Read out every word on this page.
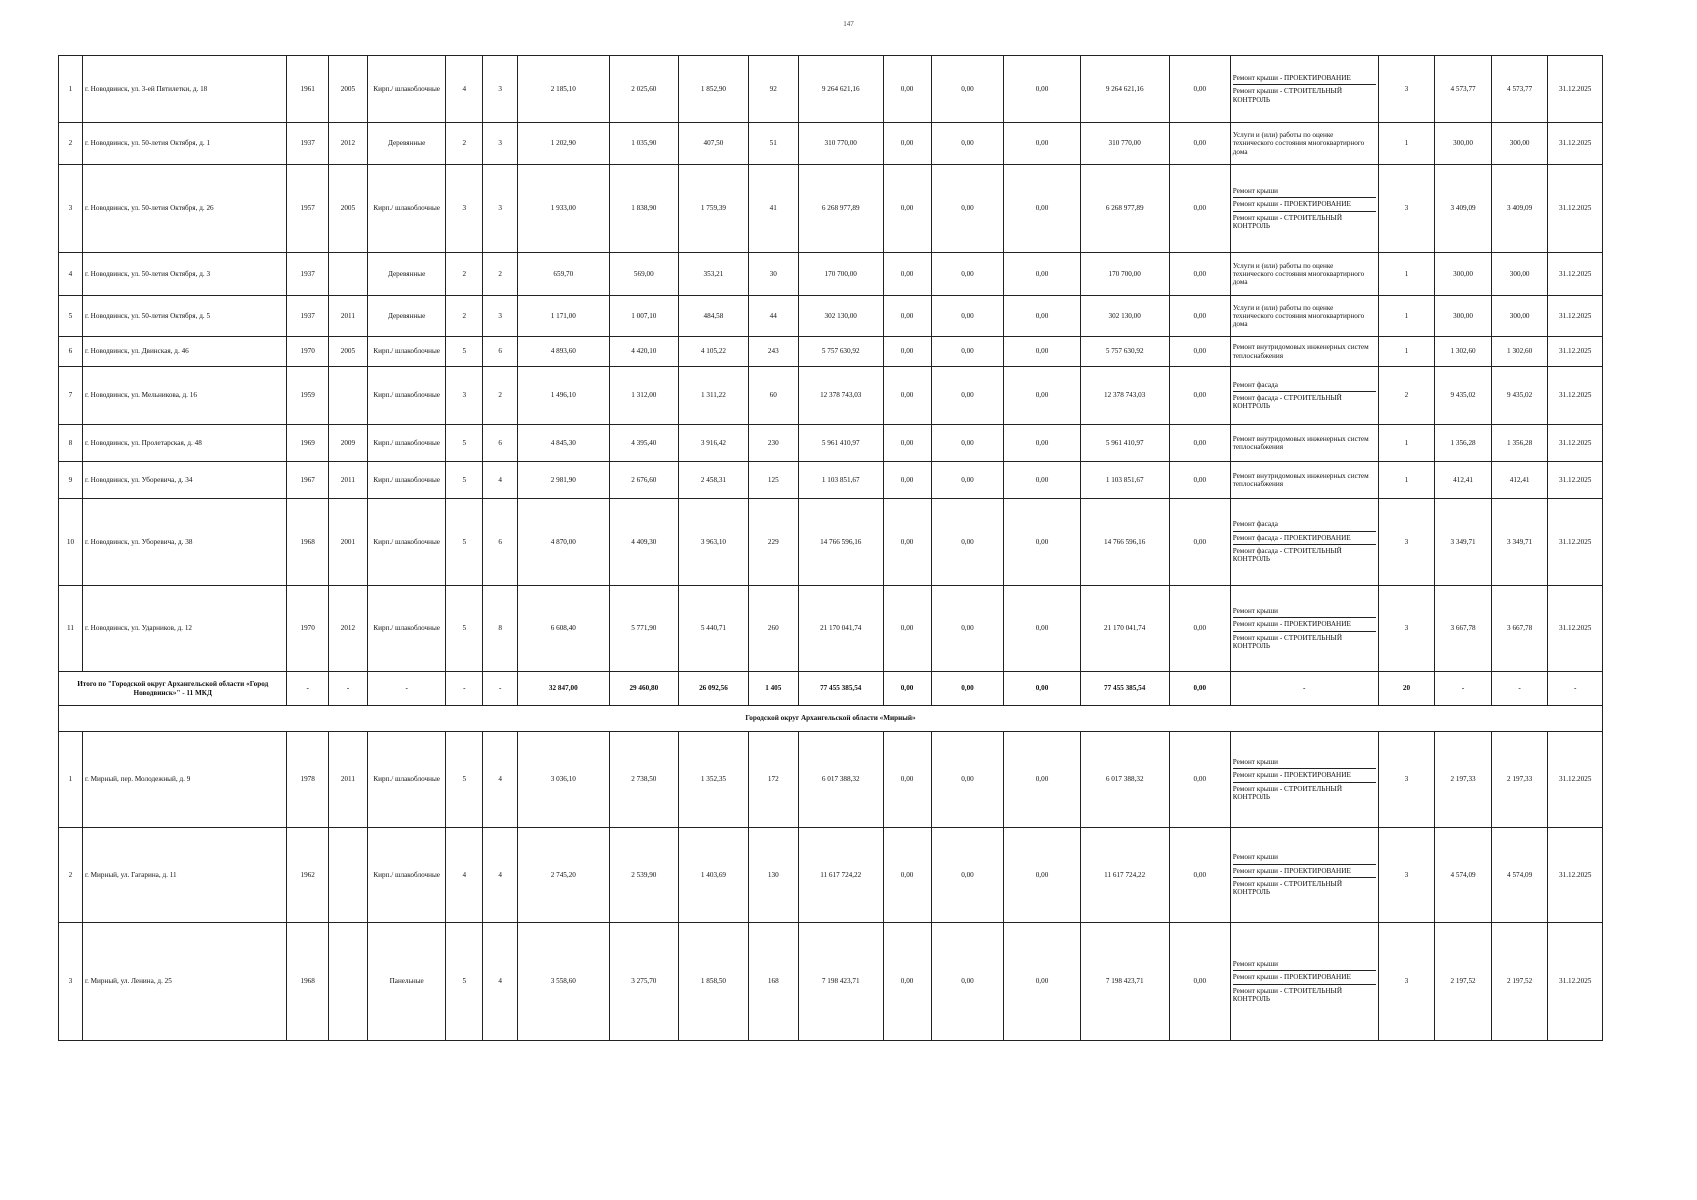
147
1	г. Новодвинск, ул. 3-ей Пятилетки, д. 18	1961	2005	Кирп./ шлакоблочные	4	3	2 185,10	2 025,60	1 852,90	92	9 264 621,16	0,00	0,00	0,00	9 264 621,16	0,00	Ремонт крыши - ПРОЕКТИРОВАНИЕ
Ремонт крыши - СТРОИТЕЛЬНЫЙ КОНТРОЛЬ	3	4 573,77	4 573,77	31.12.2025
2	г. Новодвинск, ул. 50-летия Октября, д. 1	1937	2012	Деревянные	2	3	1 202,90	1 035,90	407,50	51	310 770,00	0,00	0,00	0,00	310 770,00	0,00	Услуги и (или) работы по оценке технического состояния многоквартирного дома	1	300,00	300,00	31.12.2025
3	г. Новодвинск, ул. 50-летия Октября, д. 26	1957	2005	Кирп./ шлакоблочные	3	3	1 933,00	1 838,90	1 759,39	41	6 268 977,89	0,00	0,00	0,00	6 268 977,89	0,00	Ремонт крыши
Ремонт крыши - ПРОЕКТИРОВАНИЕ
Ремонт крыши - СТРОИТЕЛЬНЫЙ КОНТРОЛЬ	3	3 409,09	3 409,09	31.12.2025
4	г. Новодвинск, ул. 50-летия Октября, д. 3	1937		Деревянные	2	2	659,70	569,00	353,21	30	170 700,00	0,00	0,00	0,00	170 700,00	0,00	Услуги и (или) работы по оценке технического состояния многоквартирного дома	1	300,00	300,00	31.12.2025
5	г. Новодвинск, ул. 50-летия Октября, д. 5	1937	2011	Деревянные	2	3	1 171,00	1 007,10	484,58	44	302 130,00	0,00	0,00	0,00	302 130,00	0,00	Услуги и (или) работы по оценке технического состояния многоквартирного дома	1	300,00	300,00	31.12.2025
6	г. Новодвинск, ул. Двинская, д. 46	1970	2005	Кирп./ шлакоблочные	5	6	4 893,60	4 420,10	4 105,22	243	5 757 630,92	0,00	0,00	0,00	5 757 630,92	0,00	Ремонт внутридомовых инженерных систем теплоснабжения	1	1 302,60	1 302,60	31.12.2025
7	г. Новодвинск, ул. Мельникова, д. 16	1959		Кирп./ шлакоблочные	3	2	1 496,10	1 312,00	1 311,22	60	12 378 743,03	0,00	0,00	0,00	12 378 743,03	0,00	Ремонт фасада
Ремонт фасада - СТРОИТЕЛЬНЫЙ КОНТРОЛЬ	2	9 435,02	9 435,02	31.12.2025
8	г. Новодвинск, ул. Пролетарская, д. 48	1969	2009	Кирп./ шлакоблочные	5	6	4 845,30	4 395,40	3 916,42	230	5 961 410,97	0,00	0,00	0,00	5 961 410,97	0,00	Ремонт внутридомовых инженерных систем теплоснабжения	1	1 356,28	1 356,28	31.12.2025
9	г. Новодвинск, ул. Уборевича, д. 34	1967	2011	Кирп./ шлакоблочные	5	4	2 981,90	2 676,60	2 458,31	125	1 103 851,67	0,00	0,00	0,00	1 103 851,67	0,00	Ремонт внутридомовых инженерных систем теплоснабжения	1	412,41	412,41	31.12.2025
10	г. Новодвинск, ул. Уборевича, д. 38	1968	2001	Кирп./ шлакоблочные	5	6	4 870,00	4 409,30	3 963,10	229	14 766 596,16	0,00	0,00	0,00	14 766 596,16	0,00	Ремонт фасада
Ремонт фасада - ПРОЕКТИРОВАНИЕ
Ремонт фасада - СТРОИТЕЛЬНЫЙ КОНТРОЛЬ	3	3 349,71	3 349,71	31.12.2025
11	г. Новодвинск, ул. Ударников, д. 12	1970	2012	Кирп./ шлакоблочные	5	8	6 608,40	5 771,90	5 440,71	260	21 170 041,74	0,00	0,00	0,00	21 170 041,74	0,00	Ремонт крыши
Ремонт крыши - ПРОЕКТИРОВАНИЕ
Ремонт крыши - СТРОИТЕЛЬНЫЙ КОНТРОЛЬ	3	3 667,78	3 667,78	31.12.2025
Итого по "Городской округ Архангельской области «Город Новодвинск»" - 11 МКД		-	-	-	-	-	32 847,00	29 460,80	26 092,56	1 405	77 455 385,54	0,00	0,00	0,00	77 455 385,54	0,00	-	20	-	-	-
Городской округ Архангельской области «Мирный»																					
1	г. Мирный, пер. Молодежный, д. 9	1978	2011	Кирп./ шлакоблочные	5	4	3 036,10	2 738,50	1 352,35	172	6 017 388,32	0,00	0,00	0,00	6 017 388,32	0,00	Ремонт крыши
Ремонт крыши - ПРОЕКТИРОВАНИЕ
Ремонт крыши - СТРОИТЕЛЬНЫЙ КОНТРОЛЬ	3	2 197,33	2 197,33	31.12.2025
2	г. Мирный, ул. Гагарина, д. 11	1962		Кирп./ шлакоблочные	4	4	2 745,20	2 539,90	1 403,69	130	11 617 724,22	0,00	0,00	0,00	11 617 724,22	0,00	Ремонт крыши
Ремонт крыши - ПРОЕКТИРОВАНИЕ
Ремонт крыши - СТРОИТЕЛЬНЫЙ КОНТРОЛЬ	3	4 574,09	4 574,09	31.12.2025
3	г. Мирный, ул. Ленина, д. 25	1968		Панельные	5	4	3 558,60	3 275,70	1 858,50	168	7 198 423,71	0,00	0,00	0,00	7 198 423,71	0,00	Ремонт крыши
Ремонт крыши - ПРОЕКТИРОВАНИЕ
Ремонт крыши - СТРОИТЕЛЬНЫЙ КОНТРОЛЬ	3	2 197,52	2 197,52	31.12.2025
